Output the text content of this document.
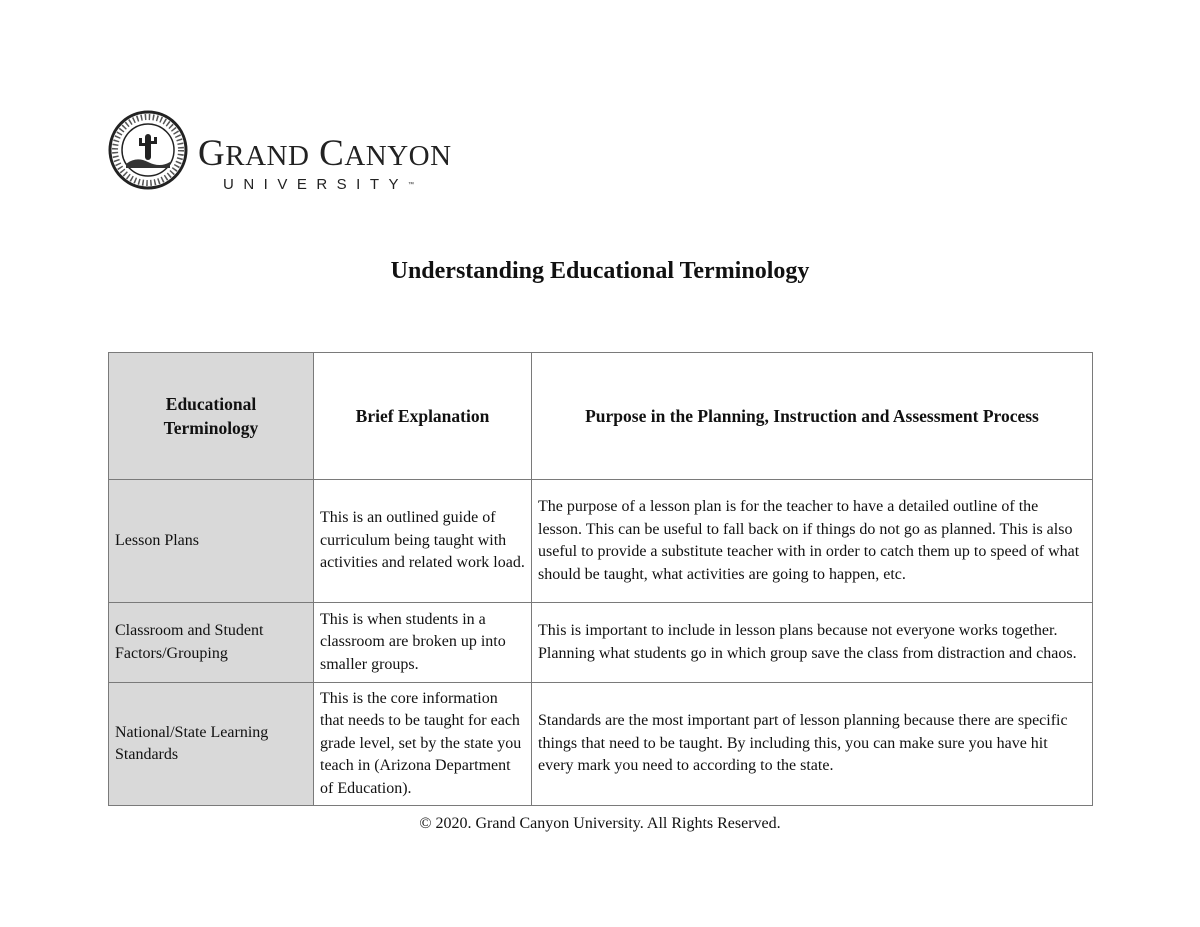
GRAND CANYON
UNIVERSITY™
Understanding Educational Terminology
Educational Terminology	Brief Explanation	Purpose in the Planning, Instruction and Assessment Process
Lesson Plans	This is an outlined guide of curriculum being taught with activities and related work load.	The purpose of a lesson plan is for the teacher to have a detailed outline of the lesson. This can be useful to fall back on if things do not go as planned. This is also useful to provide a substitute teacher with in order to catch them up to speed of what should be taught, what activities are going to happen, etc.
Classroom and Student Factors/Grouping	This is when students in a classroom are broken up into smaller groups.	This is important to include in lesson plans because not everyone works together. Planning what students go in which group save the class from distraction and chaos.
National/State Learning Standards	This is the core information that needs to be taught for each grade level, set by the state you teach in (Arizona Department of Education).	Standards are the most important part of lesson planning because there are specific things that need to be taught. By including this, you can make sure you have hit every mark you need to according to the state.
© 2020. Grand Canyon University. All Rights Reserved.
